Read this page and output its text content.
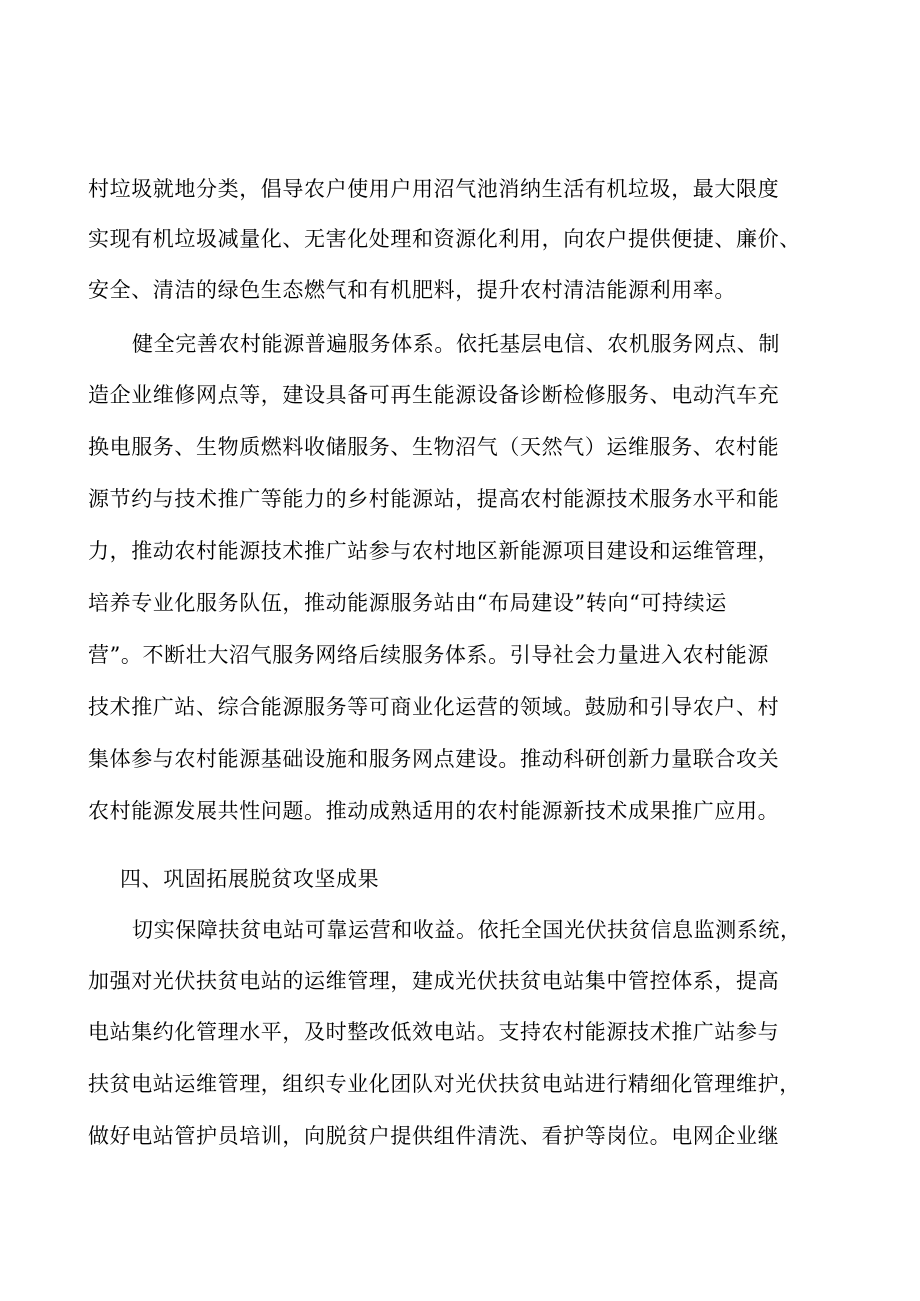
村垃圾就地分类，倡导农户使用户用沼气池消纳生活有机垃圾，最大限度

实现有机垃圾减量化、无害化处理和资源化利用，向农户提供便捷、廉价、

安全、清洁的绿色生态燃气和有机肥料，提升农村清洁能源利用率。

健全完善农村能源普遍服务体系。依托基层电信、农机服务网点、制

造企业维修网点等，建设具备可再生能源设备诊断检修服务、电动汽车充

换电服务、生物质燃料收储服务、生物沼气（天然气）运维服务、农村能

源节约与技术推广等能力的乡村能源站，提高农村能源技术服务水平和能

力，推动农村能源技术推广站参与农村地区新能源项目建设和运维管理，

培养专业化服务队伍，推动能源服务站由“布局建设”转向“可持续运

营”。不断壮大沼气服务网络后续服务体系。引导社会力量进入农村能源

技术推广站、综合能源服务等可商业化运营的领域。鼓励和引导农户、村

集体参与农村能源基础设施和服务网点建设。推动科研创新力量联合攻关

农村能源发展共性问题。推动成熟适用的农村能源新技术成果推广应用。

四、巩固拓展脱贫攻坚成果

切实保障扶贫电站可靠运营和收益。依托全国光伏扶贫信息监测系统，

加强对光伏扶贫电站的运维管理，建成光伏扶贫电站集中管控体系，提高

电站集约化管理水平，及时整改低效电站。支持农村能源技术推广站参与

扶贫电站运维管理，组织专业化团队对光伏扶贫电站进行精细化管理维护，

做好电站管护员培训，向脱贫户提供组件清洗、看护等岗位。电网企业继
